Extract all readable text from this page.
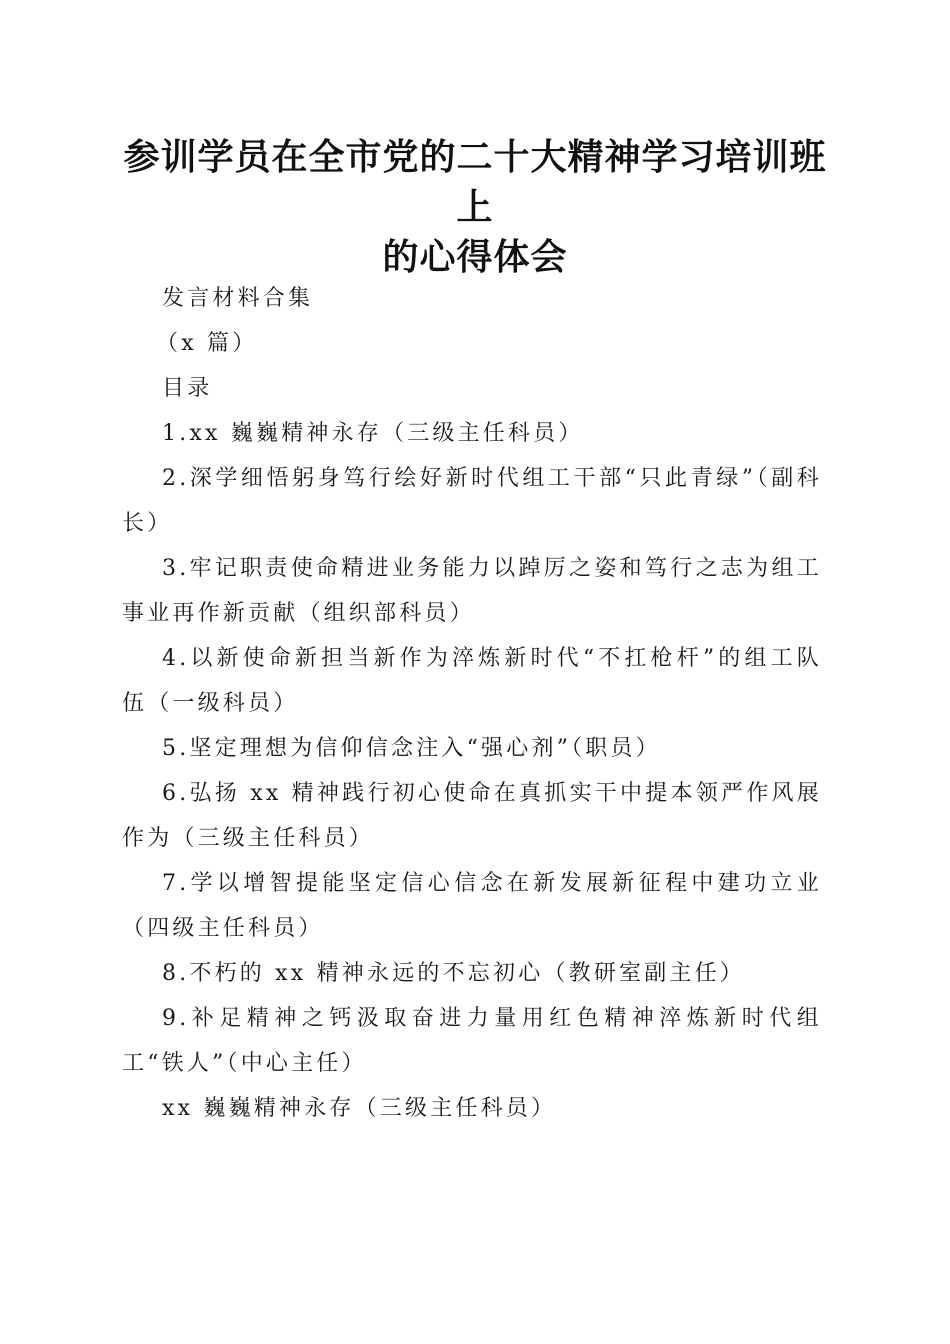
参训学员在全市党的二十大精神学习培训班上
的心得体会

发言材料合集

（x 篇）

目录

1.xx 巍巍精神永存（三级主任科员）

2.深学细悟躬身笃行绘好新时代组工干部“只此青绿”（副科长）

3.牢记职责使命精进业务能力以踔厉之姿和笃行之志为组工事业再作新贡献（组织部科员）

4.以新使命新担当新作为淬炼新时代“不扛枪杆”的组工队伍（一级科员）

5.坚定理想为信仰信念注入“强心剂”（职员）

6.弘扬 xx 精神践行初心使命在真抓实干中提本领严作风展作为（三级主任科员）

7.学以增智提能坚定信心信念在新发展新征程中建功立业（四级主任科员）

8.不朽的 xx 精神永远的不忘初心（教研室副主任）

9.补足精神之钙汲取奋进力量用红色精神淬炼新时代组工“铁人”（中心主任）

xx 巍巍精神永存（三级主任科员）
